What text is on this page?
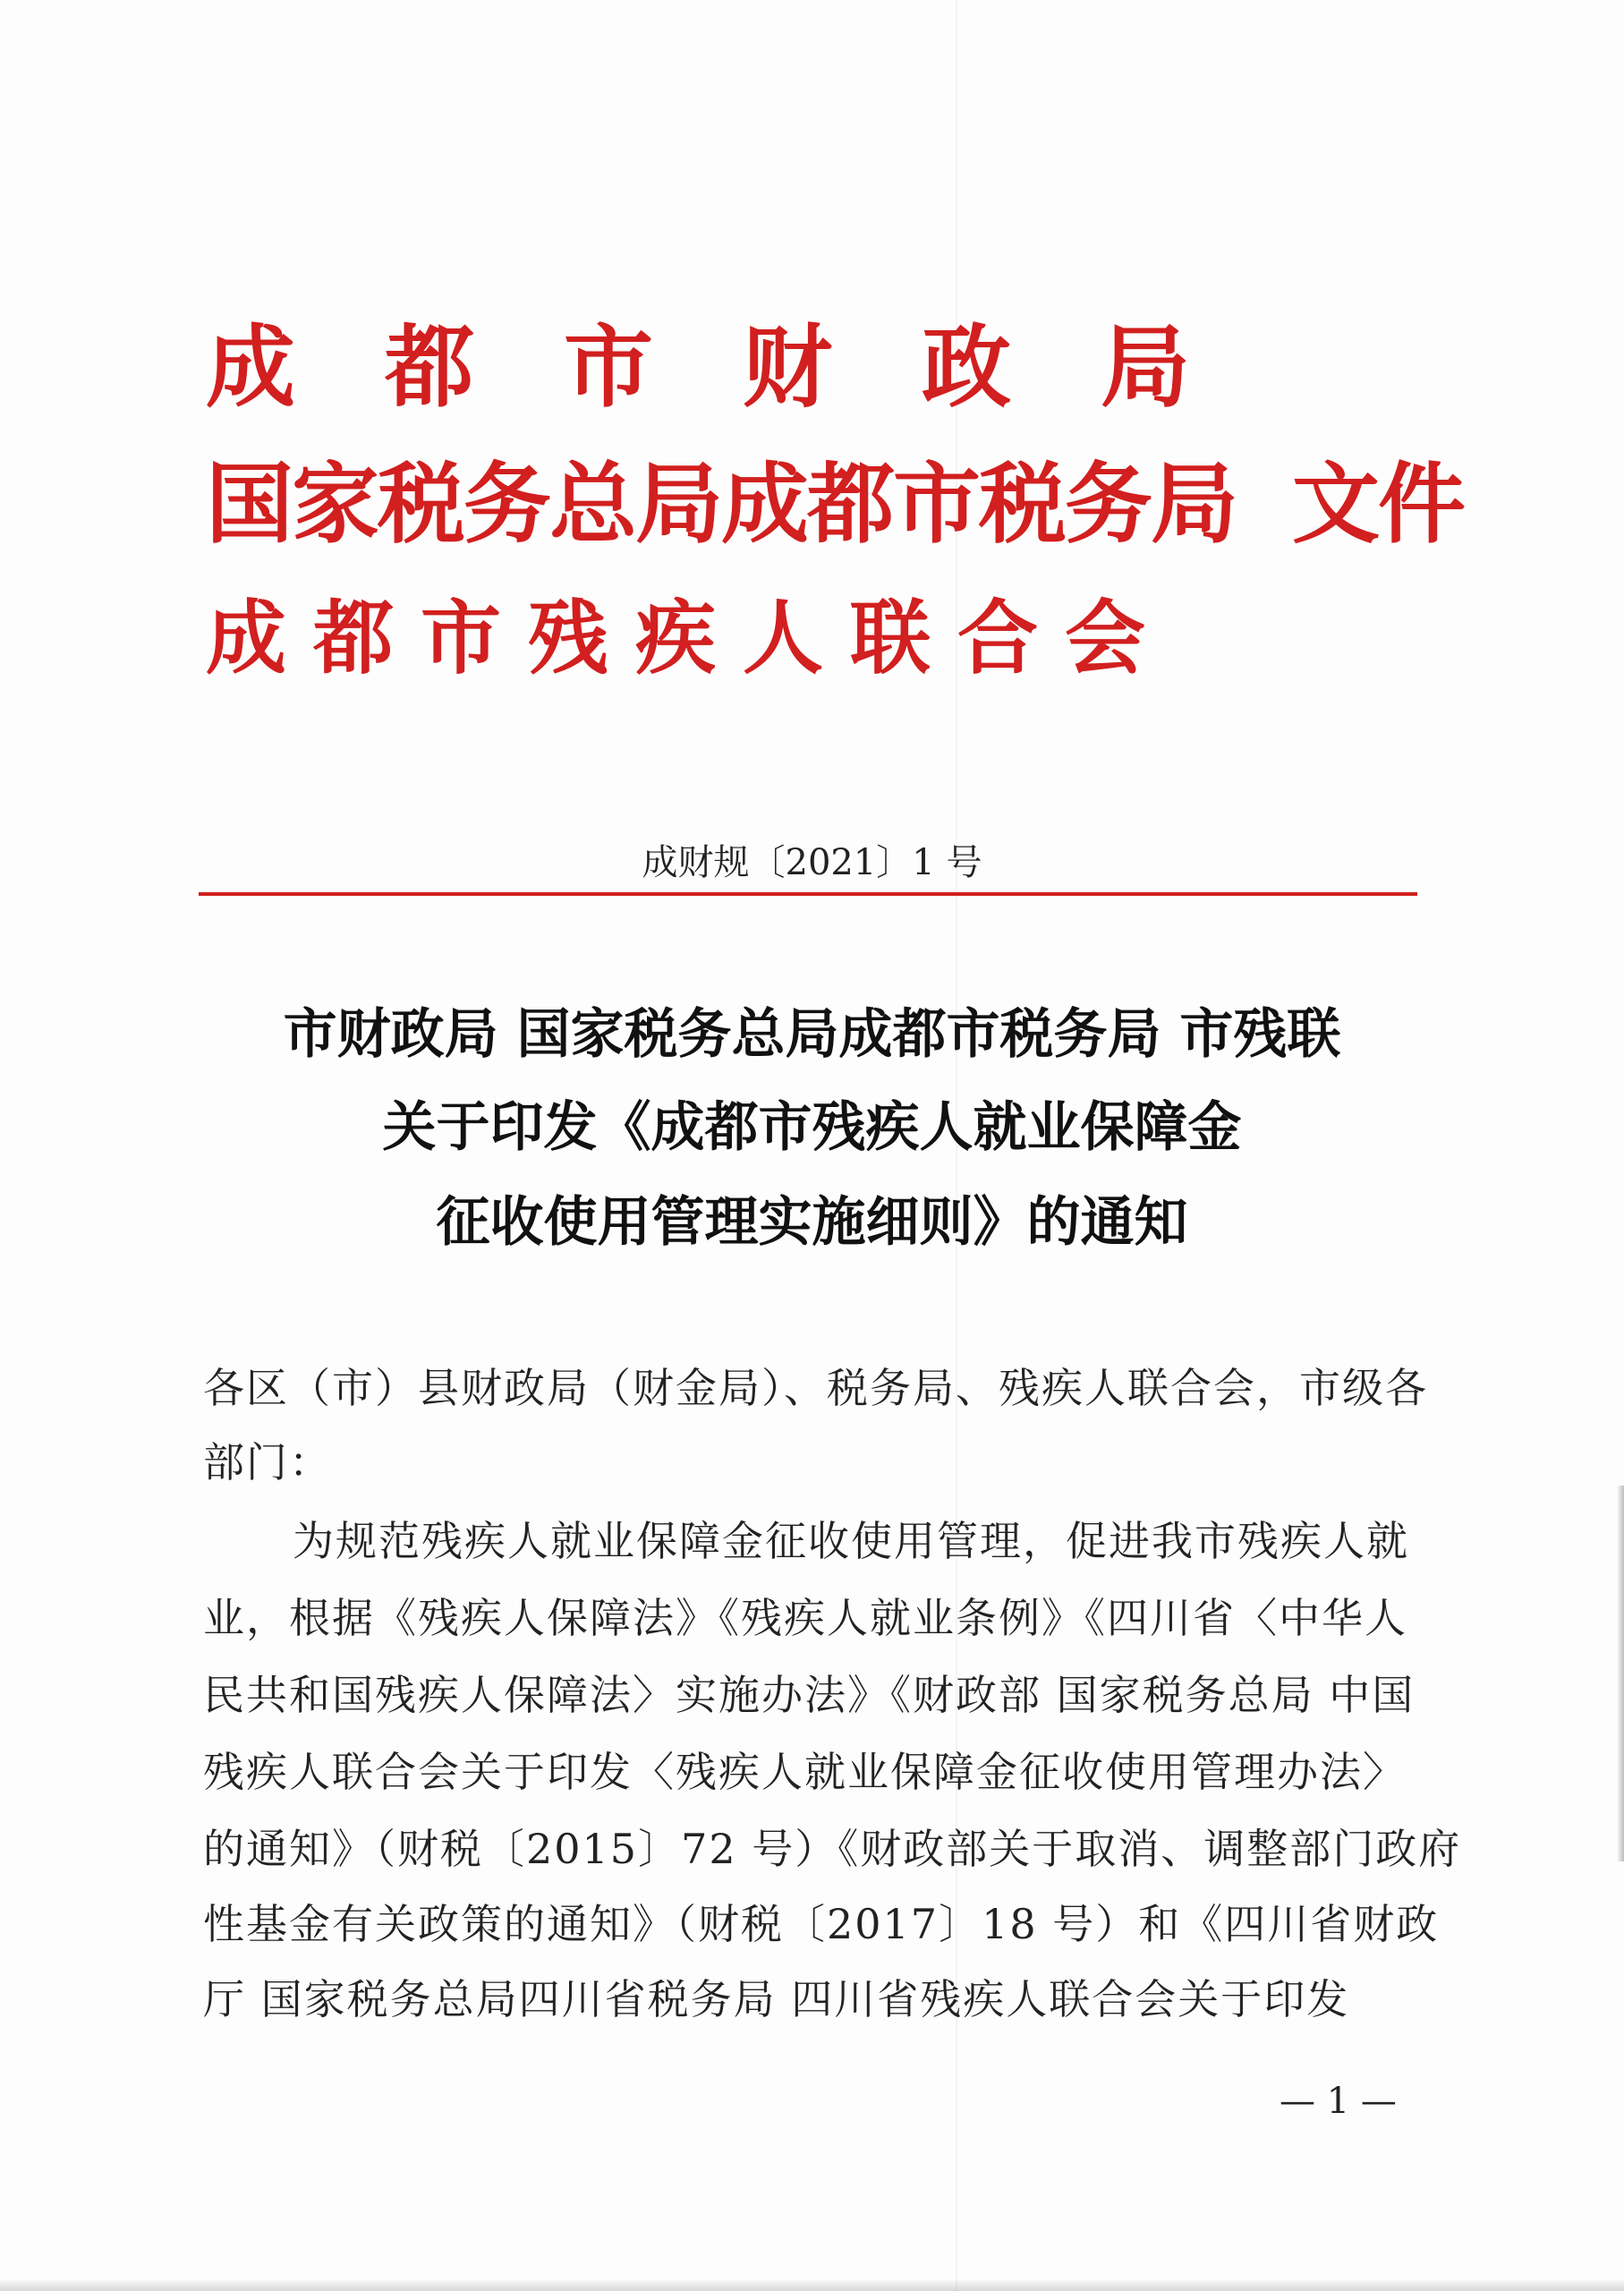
成都市财政局
国家税务总局成都市税务局 文件
成都市残疾人联合会
成财规〔2021〕1 号
市财政局 国家税务总局成都市税务局 市残联
关于印发《成都市残疾人就业保障金
征收使用管理实施细则》的通知
各区（市）县财政局（财金局）、税务局、残疾人联合会，市级各
部门：
为规范残疾人就业保障金征收使用管理，促进我市残疾人就
业，根据《残疾人保障法》《残疾人就业条例》《四川省〈中华人
民共和国残疾人保障法〉实施办法》《财政部 国家税务总局 中国
残疾人联合会关于印发〈残疾人就业保障金征收使用管理办法〉
的通知》（财税〔2015〕72 号）《财政部关于取消、调整部门政府
性基金有关政策的通知》（财税〔2017〕18 号）和《四川省财政
厅 国家税务总局四川省税务局 四川省残疾人联合会关于印发
— 1 —
